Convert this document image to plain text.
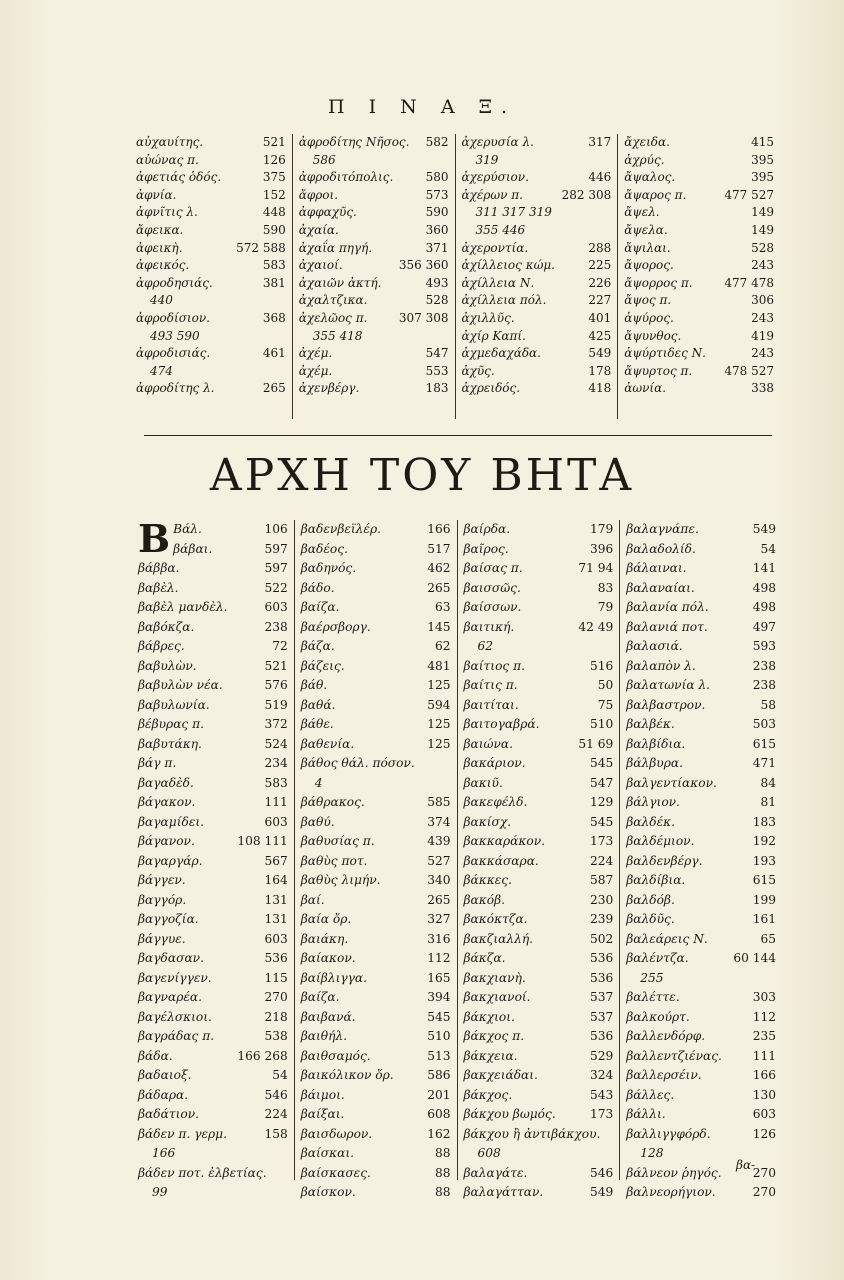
Π Ι Ν Α Ξ.
αὐχαυίτης.	521
αὐώνας π.	126
ἀφετιάς ὁδός.	375
ἀφνία.	152
ἀφνῖτις λ.	448
ἄφεικα.	590
ἀφεικὴ.	572 588
ἀφεικός.	583
ἀφροδησιάς.	381
440
ἀφροδίσιον.	368
493 590
ἀφροδισιάς.	461
474
ἀφροδίτης λ.	265
ἀφροδίτης Νῆσος. 582
586
ἀφροδιτόπολις.	580
ἄφροι.	573
ἀφφαχῦς.	590
ἀχαία.	360
ἀχαΐα πηγή.	371
ἀχαιοί.	356 360
ἀχαιῶν ἀκτή.	493
ἀχαλτζικα.	528
ἀχελῶος π.	307 308
355 418
ἀχέμ.	547
ἀχέμ.	553
ἀχενβέργ.	183
ἀχερυσία λ.	317
319
ἀχερύσιον.	446
ἀχέρων π.	282 308
311 317 319
355 446
ἀχεροντία.	288
ἀχίλλειος κώμ.	225
ἀχίλλεια Ν.	226
ἀχίλλεια πόλ.	227
ἀχιλλῦς.	401
ἀχίρ Καπί.	425
ἀχμεδαχάδα.	549
ἀχῦς.	178
ἀχρειδός.	418
ἄχειδα.	415
ἀχρύς.	395
ἄψαλος.	395
ἄψαρος π.	477 527
ἄψελ.	149
ἄψελα.	149
ἄψιλαι.	528
ἄψορος.	243
ἄψορρος π.	477 478
ἄψος π.	306
ἀψύρος.	243
ἄψυνθος.	419
ἀψύρτιδες Ν.	243
ἄψυρτος π.	478 527
ἀωνία.	338
ΑΡΧΗ ΤΟΥ ΒΗΤΑ
Β Βάλ.	106
βάβαι.	597
βάββα.	597
βαβὲλ.	522
βαβὲλ μανδὲλ.	603
βαβόκζα.	238
βάβρες.	72
βαβυλὼν.	521
βαβυλὼν νέα.	576
βαβυλωνία.	519
βέβυρας π.	372
βαβυτάκη.	524
βάγ π.	234
βαγαδὲδ.	583
βάγακον.	111
βαγαμίδει.	603
βάγανον.	108 111
βαγαργάρ.	567
βάγγεν.	164
βαγγόρ.	131
βαγγοζία.	131
βάγγυε.	603
βαγδασαν.	536
βαγενίγγεν.	115
βαγναρέα.	270
βαγέλσκιοι.	218
βαγράδας π.	538
βάδα.	166 268
βαδαιοξ.	54
βάδαρα.	546
βαδάτιον.	224
βάδεν π. γερμ.	158
166
βάδεν ποτ. ἐλβετίας.
99
βαδενβεϊλέρ.	166
βαδέος.	517
βαδηνός.	462
βάδο.	265
βαίζα.	63
βαέρσβοργ.	145
βάζα.	62
βάζεις.	481
βάθ.	125
βαθά.	594
βάθε.	125
βαθενία.	125
βάθος θάλ. πόσον.
4
βάθρακος.	585
βαθύ.	374
βαθυσίας π.	439
βαθὺς ποτ.	527
βαθὺς λιμήν.	340
βαί.	265
βαία ὄρ.	327
βαιάκη.	316
βαίακον.	112
βαίβλιγγα.	165
βαίζα.	394
βαιβανά.	545
βαιθήλ.	510
βαιθσαμός.	513
βαικόλικον ὄρ.	586
βάιμοι.	201
βαίξαι.	608
βαισδωρον.	162
βαίσκαι.	88
βαίσκασες.	88
βαίσκον.	88
βαίρδα.	179
βαῖρος.	396
βαίσας π.	71 94
βαισσῶς.	83
βαίσσων.	79
βαιτική.	42 49
62
βαίτιος π.	516
βαίτις π.	50
βαιτίται.	75
βαιτογαβρά.	510
βαιώνα.	51 69
βακάριον.	545
βακιῦ.	547
βακεφέλδ.	129
βακίσχ.	545
βακκαράκον.	173
βακκάσαρα.	224
βάκκες.	587
βακόβ.	230
βακόκτζα.	239
βακζιαλλή.	502
βάκζα.	536
βακχιανὴ.	536
βακχιανοί.	537
βάκχιοι.	537
βάκχος π.	536
βάκχεια.	529
βακχειάδαι.	324
βάκχος.	543
βάκχου βωμός.	173
βάκχου ἢ ἀντιβάκχου.
608
βαλαγάτε.	546
βαλαγάτταν.	549
βαλαγνάπε.	549
βαλαδολίδ.	54
βάλαιναι.	141
βαλαναίαι.	498
βαλανία πόλ.	498
βαλανιά ποτ.	497
βαλασιά.	593
βαλαπὸν λ.	238
βαλατωνία λ.	238
βαλβαστρον.	58
βαλβέκ.	503
βαλβίδια.	615
βάλβυρα.	471
βαλγεντίακον.	84
βάλγιον.	81
βαλδέκ.	183
βαλδέμιον.	192
βαλδενβέργ.	193
βαλδίβια.	615
βαλδόβ.	199
βαλδῦς.	161
βαλεάρεις Ν.	65
βαλέντζα.	60 144
255
βαλέττε.	303
βαλκούρτ.	112
βαλλενδόρφ.	235
βαλλεντζιένας.	111
βαλλερσέιν.	166
βάλλες.	130
βάλλι.	603
βαλλιγγφόρδ.	126
128
βάλνεον ῥηγός.	270
βαλνεορήγιον.	270
βα-
